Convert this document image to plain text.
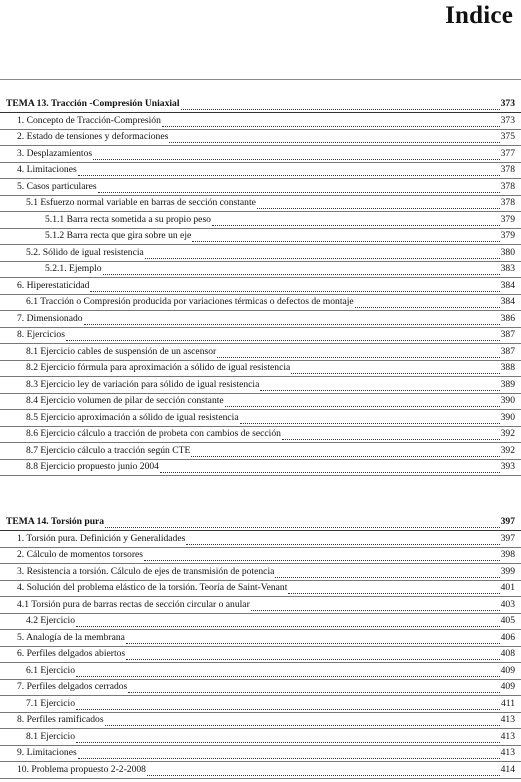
Indice
TEMA 13. Tracción -Compresión Uniaxial	373
1. Concepto de Tracción-Compresión	373
2. Estado de tensiones y deformaciones	375
3. Desplazamientos	377
4. Limitaciones	378
5. Casos particulares	378
5.1 Esfuerzo normal variable en barras de sección constante	378
5.1.1 Barra recta sometida a su propio peso	379
5.1.2 Barra recta que gira sobre un eje	379
5.2. Sólido de igual resistencia	380
5.2.1. Ejemplo	383
6. Hiperestaticidad	384
6.1 Tracción o Compresión producida por variaciones térmicas o defectos de montaje	384
7. Dimensionado	386
8. Ejercicios	387
8.1 Ejercicio cables de suspensión de un ascensor	387
8.2 Ejercicio fórmula para aproximación a sólido de igual resistencia	388
8.3 Ejercicio ley de variación para sólido de igual resistencia	389
8.4 Ejercicio volumen de pilar de sección constante	390
8.5 Ejercicio aproximación a sólido de igual resistencia	390
8.6 Ejercicio cálculo a tracción de probeta con cambios de sección	392
8.7 Ejercicio cálculo a tracción según CTE	392
8.8 Ejercicio propuesto junio 2004	393
TEMA 14. Torsión pura	397
1. Torsión pura. Definición y Generalidades	397
2. Cálculo de momentos torsores	398
3. Resistencia a torsión. Cálculo de ejes de transmisión de potencia	399
4. Solución del problema elástico de la torsión. Teoría de Saint-Venant	401
4.1 Torsión pura de barras rectas de sección circular o anular	403
4.2 Ejercicio	405
5. Analogía de la membrana	406
6. Perfiles delgados abiertos	408
6.1 Ejercicio	409
7. Perfiles delgados cerrados	409
7.1 Ejercicio	411
8. Perfiles ramificados	413
8.1 Ejercicio	413
9. Limitaciones	413
10. Problema propuesto 2-2-2008	414
